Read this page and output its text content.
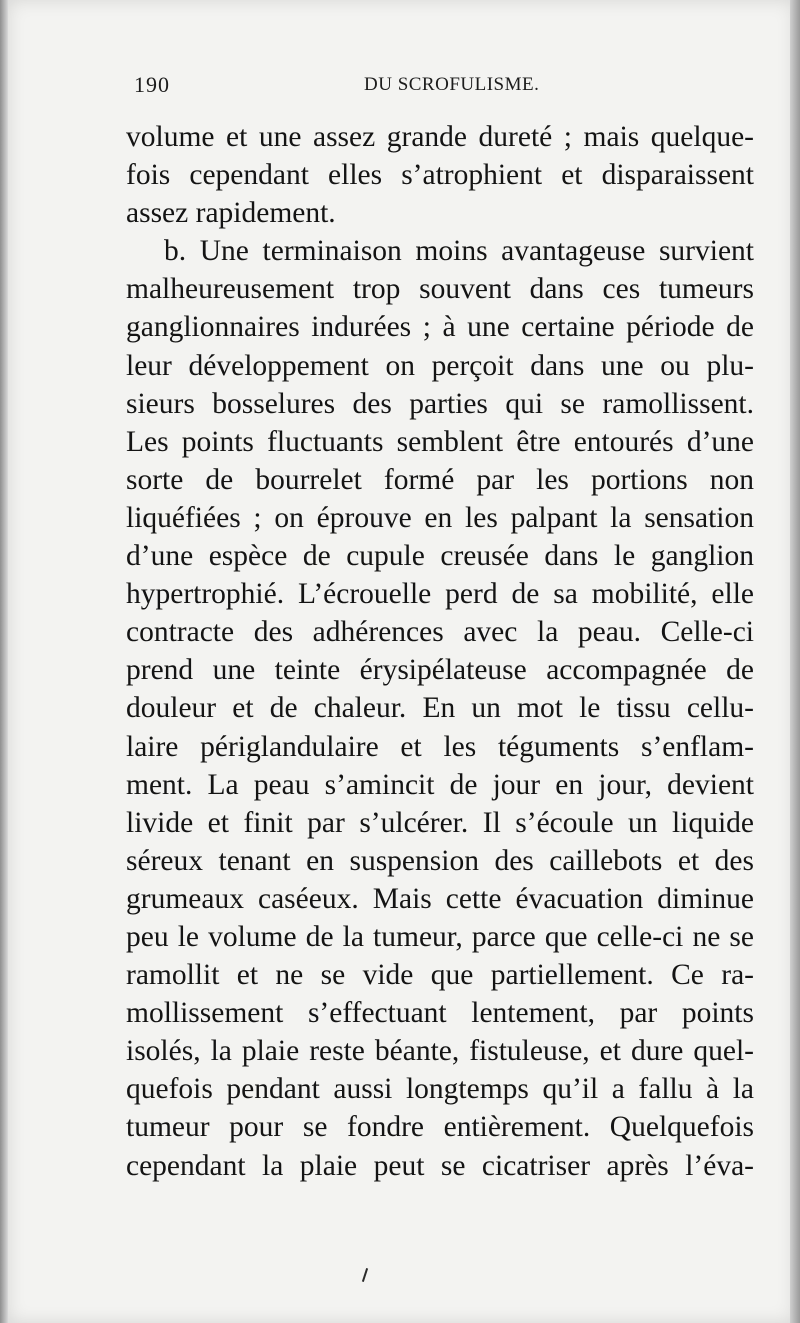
190	DU SCROFULISME.
volume et une assez grande dureté ; mais quelque-
fois cependant elles s’atrophient et disparaissent
assez rapidement.
b. Une terminaison moins avantageuse survient
malheureusement trop souvent dans ces tumeurs
ganglionnaires indurées ; à une certaine période de
leur développement on perçoit dans une ou plu-
sieurs bosselures des parties qui se ramollissent.
Les points fluctuants semblent être entourés d’une
sorte de bourrelet formé par les portions non
liquéfiées ; on éprouve en les palpant la sensation
d’une espèce de cupule creusée dans le ganglion
hypertrophié. L’écrouelle perd de sa mobilité, elle
contracte des adhérences avec la peau. Celle-ci
prend une teinte érysipélateuse accompagnée de
douleur et de chaleur. En un mot le tissu cellu-
laire périglandulaire et les téguments s’enflam-
ment. La peau s’amincit de jour en jour, devient
livide et finit par s’ulcérer. Il s’écoule un liquide
séreux tenant en suspension des caillebots et des
grumeaux caséeux. Mais cette évacuation diminue
peu le volume de la tumeur, parce que celle-ci ne se
ramollit et ne se vide que partiellement. Ce ra-
mollissement s’effectuant lentement, par points
isolés, la plaie reste béante, fistuleuse, et dure quel-
quefois pendant aussi longtemps qu’il a fallu à la
tumeur pour se fondre entièrement. Quelquefois
cependant la plaie peut se cicatriser après l’éva-
